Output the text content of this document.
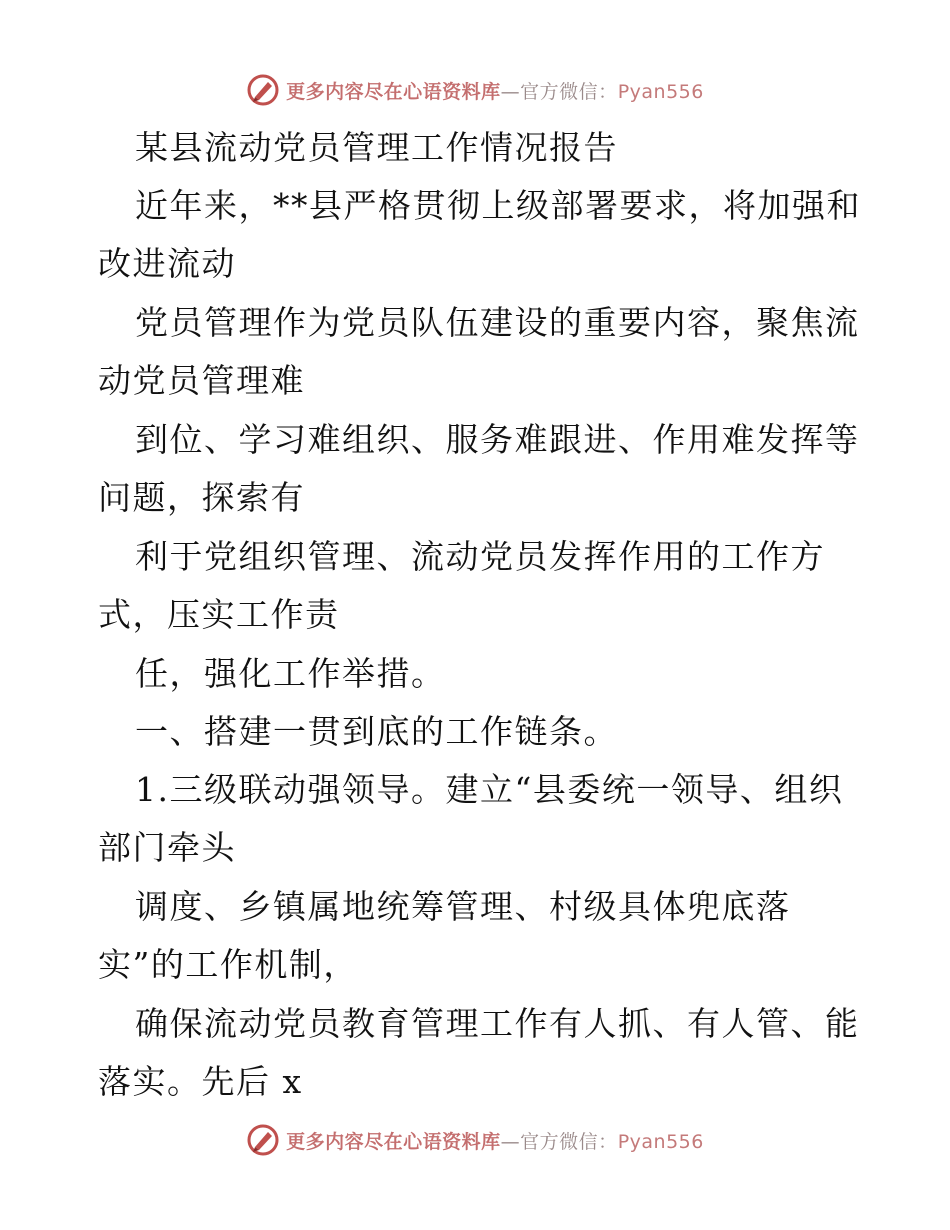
更多内容尽在心语资料库—官方微信：Pyan556
某县流动党员管理工作情况报告
近年来，**县严格贯彻上级部署要求，将加强和
改进流动
党员管理作为党员队伍建设的重要内容，聚焦流
动党员管理难
到位、学习难组织、服务难跟进、作用难发挥等
问题，探索有
利于党组织管理、流动党员发挥作用的工作方
式，压实工作责
任，强化工作举措。
一、搭建一贯到底的工作链条。
1.三级联动强领导。建立“县委统一领导、组织
部门牵头
调度、乡镇属地统筹管理、村级具体兜底落
实”的工作机制，
确保流动党员教育管理工作有人抓、有人管、能
落实。先后 x
更多内容尽在心语资料库—官方微信：Pyan556
